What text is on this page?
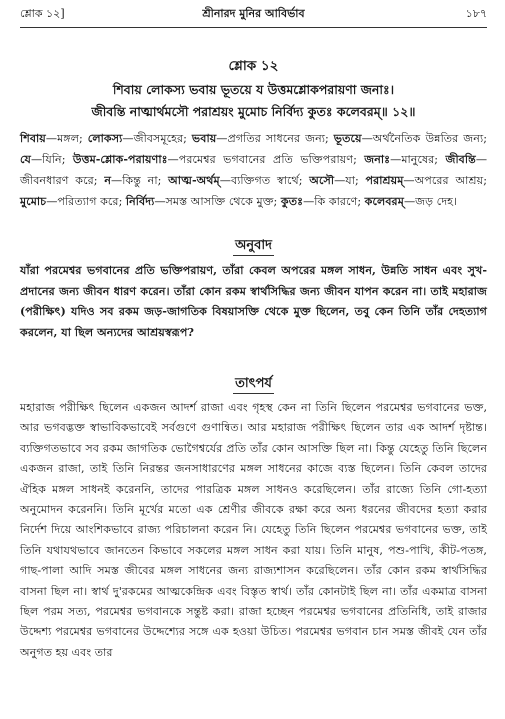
শ্লোক ১২]	শ্রীনারদ মুনির আবির্ভাব	১৮৭
শ্লোক ১২

শিবায় লোকস্য ভবায় ভূতয়ে য উত্তমশ্লোকপরায়ণা জনাঃ।

জীবন্তি নাত্মার্থমসৌ পরাশ্রয়ং মুমোচ নির্বিদ্য কুতঃ কলেবরম্॥ ১২॥

শিবায়—মঙ্গল; লোকস্য—জীবসমূহের; ভবায়—প্রগতির সাধনের জন্য; ভূতয়ে—অর্থনৈতিক উন্নতির জন্য; যে—যিনি; উত্তম-শ্লোক-পরায়ণাঃ—পরমেশ্বর ভগবানের প্রতি ভক্তিপরায়ণ; জনাঃ—মানুষের; জীবন্তি—জীবনধারণ করে; ন—কিন্তু না; আত্ম-অর্থম্—ব্যক্তিগত স্বার্থে; অসৌ—যা; পরাশ্রয়ম্—অপরের আশ্রয়; মুমোচ—পরিত্যাগ করে; নির্বিদ্য—সমস্ত আসক্তি থেকে মুক্ত; কুতঃ—কি কারণে; কলেবরম্—জড় দেহ।

অনুবাদ

যাঁরা পরমেশ্বর ভগবানের প্রতি ভক্তিপরায়ণ, তাঁরা কেবল অপরের মঙ্গল সাধন, উন্নতি সাধন এবং সুখ-প্রদানের জন্য জীবন ধারণ করেন। তাঁরা কোন রকম স্বার্থসিদ্ধির জন্য জীবন যাপন করেন না। তাই মহারাজ (পরীক্ষিৎ) যদিও সব রকম জড়-জাগতিক বিষয়াসক্তি থেকে মুক্ত ছিলেন, তবু কেন তিনি তাঁর দেহত্যাগ করলেন, যা ছিল অন্যদের আশ্রয়স্বরূপ?

তাৎপর্য

মহারাজ পরীক্ষিৎ ছিলেন একজন আদর্শ রাজা এবং গৃহস্থ কেন না তিনি ছিলেন পরমেশ্বর ভগবানের ভক্ত, আর ভগবদ্ভক্ত স্বাভাবিকভাবেই সর্বগুণে গুণান্বিত। আর মহারাজ পরীক্ষিৎ ছিলেন তার এক আদর্শ দৃষ্টান্ত। ব্যক্তিগতভাবে সব রকম জাগতিক ভোগৈশ্বর্যের প্রতি তাঁর কোন আসক্তি ছিল না। কিন্তু যেহেতু তিনি ছিলেন একজন রাজা, তাই তিনি নিরন্তর জনসাধারণের মঙ্গল সাধনের কাজে ব্যস্ত ছিলেন। তিনি কেবল তাদের ঐহিক মঙ্গল সাধনই করেননি, তাদের পারত্রিক মঙ্গল সাধনও করেছিলেন। তাঁর রাজ্যে তিনি গো-হত্যা অনুমোদন করেননি। তিনি মূর্খের মতো এক শ্রেণীর জীবকে রক্ষা করে অন্য ধরনের জীবদের হত্যা করার নির্দেশ দিয়ে আংশিকভাবে রাজ্য পরিচালনা করেন নি। যেহেতু তিনি ছিলেন পরমেশ্বর ভগবানের ভক্ত, তাই তিনি যথাযথভাবে জানতেন কিভাবে সকলের মঙ্গল সাধন করা যায়। তিনি মানুষ, পশু-পাখি, কীট-পতঙ্গ, গাছ-পালা আদি সমস্ত জীবের মঙ্গল সাধনের জন্য রাজ্যশাসন করেছিলেন। তাঁর কোন রকম স্বার্থসিদ্ধির বাসনা ছিল না। স্বার্থ দু'রকমের আত্মকেন্দ্রিক এবং বিস্তৃত স্বার্থ। তাঁর কোনটাই ছিল না। তাঁর একমাত্র বাসনা ছিল পরম সত্য, পরমেশ্বর ভগবানকে সন্তুষ্ট করা। রাজা হচ্ছেন পরমেশ্বর ভগবানের প্রতিনিধি, তাই রাজার উদ্দেশ্য পরমেশ্বর ভগবানের উদ্দেশ্যের সঙ্গে এক হওয়া উচিত। পরমেশ্বর ভগবান চান সমস্ত জীবই যেন তাঁর অনুগত হয় এবং তার
